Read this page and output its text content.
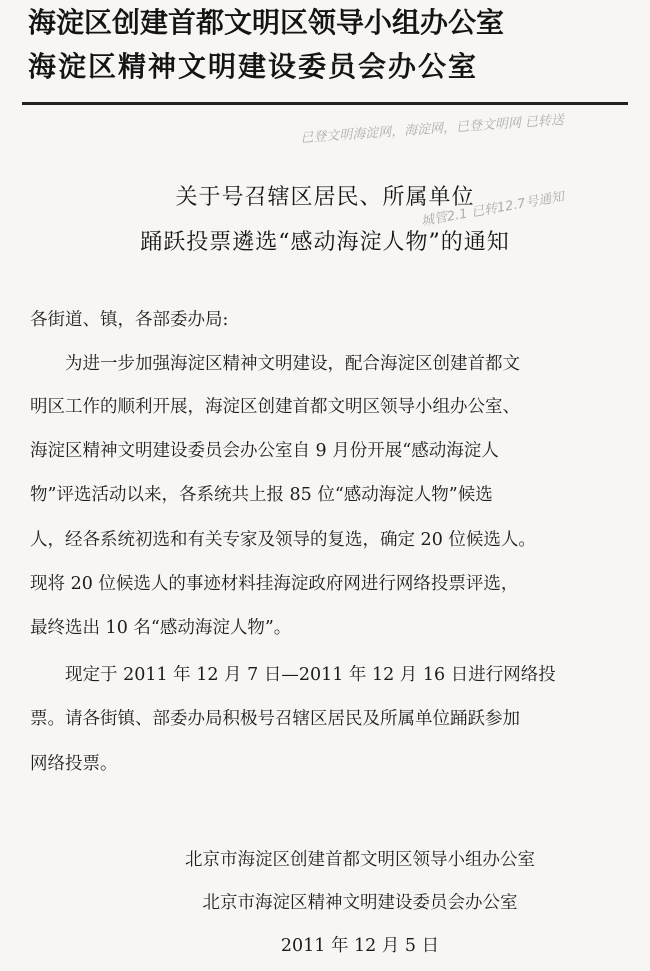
海淀区创建首都文明区领导小组办公室
海淀区精神文明建设委员会办公室
已登文明海淀网，海淀网，已登文明网 已转送
城管2.1 已转12.7号通知
关于号召辖区居民、所属单位
踊跃投票遴选“感动海淀人物”的通知
各街道、镇，各部委办局:
为进一步加强海淀区精神文明建设，配合海淀区创建首都文
明区工作的顺利开展，海淀区创建首都文明区领导小组办公室、
海淀区精神文明建设委员会办公室自 9 月份开展“感动海淀人
物”评选活动以来，各系统共上报 85 位“感动海淀人物”候选
人，经各系统初选和有关专家及领导的复选，确定 20 位候选人。
现将 20 位候选人的事迹材料挂海淀政府网进行网络投票评选，
最终选出 10 名“感动海淀人物”。
现定于 2011 年 12 月 7 日—2011 年 12 月 16 日进行网络投
票。请各街镇、部委办局积极号召辖区居民及所属单位踊跃参加
网络投票。
北京市海淀区创建首都文明区领导小组办公室
北京市海淀区精神文明建设委员会办公室
2011 年 12 月 5 日
